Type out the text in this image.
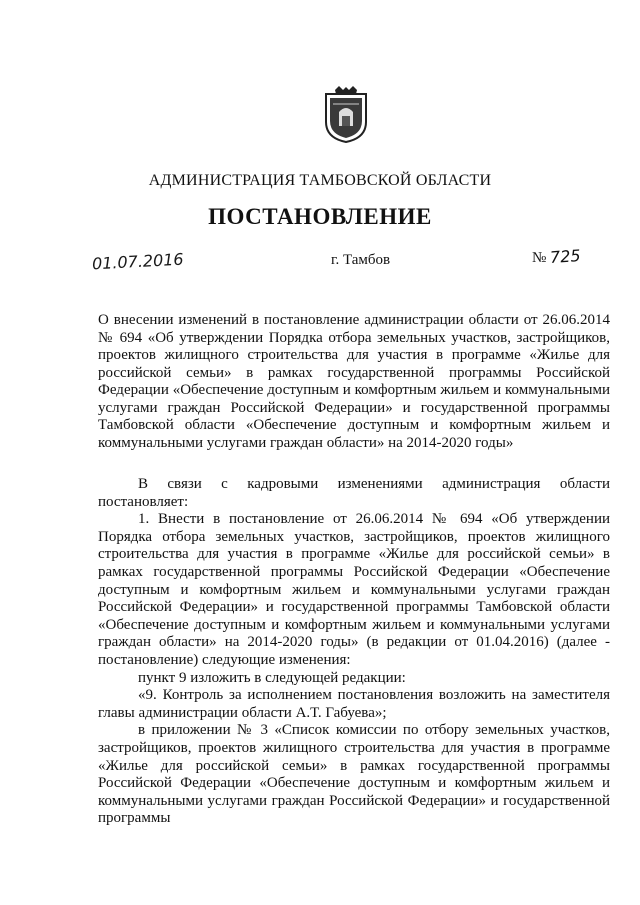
АДМИНИСТРАЦИЯ ТАМБОВСКОЙ ОБЛАСТИ
ПОСТАНОВЛЕНИЕ
01.07.2016	г. Тамбов	№ 725
О внесении изменений в постановление администрации области от 26.06.2014 № 694 «Об утверждении Порядка отбора земельных участков, застройщиков, проектов жилищного строительства для участия в программе «Жилье для российской семьи» в рамках государственной программы Российской Федерации «Обеспечение доступным и комфортным жильем и коммунальными услугами граждан Российской Федерации» и государственной программы Тамбовской области «Обеспечение доступным и комфортным жильем и коммунальными услугами граждан области» на 2014-2020 годы»

В связи с кадровыми изменениями администрация области постановляет:

1. Внести в постановление от 26.06.2014 № 694 «Об утверждении Порядка отбора земельных участков, застройщиков, проектов жилищного строительства для участия в программе «Жилье для российской семьи» в рамках государственной программы Российской Федерации «Обеспечение доступным и комфортным жильем и коммунальными услугами граждан Российской Федерации» и государственной программы Тамбовской области «Обеспечение доступным и комфортным жильем и коммунальными услугами граждан области» на 2014-2020 годы» (в редакции от 01.04.2016) (далее - постановление) следующие изменения:

пункт 9 изложить в следующей редакции:

«9. Контроль за исполнением постановления возложить на заместителя главы администрации области А.Т. Габуева»;

в приложении № 3 «Список комиссии по отбору земельных участков, застройщиков, проектов жилищного строительства для участия в программе «Жилье для российской семьи» в рамках государственной программы Российской Федерации «Обеспечение доступным и комфортным жильем и коммунальными услугами граждан Российской Федерации» и государственной программы
